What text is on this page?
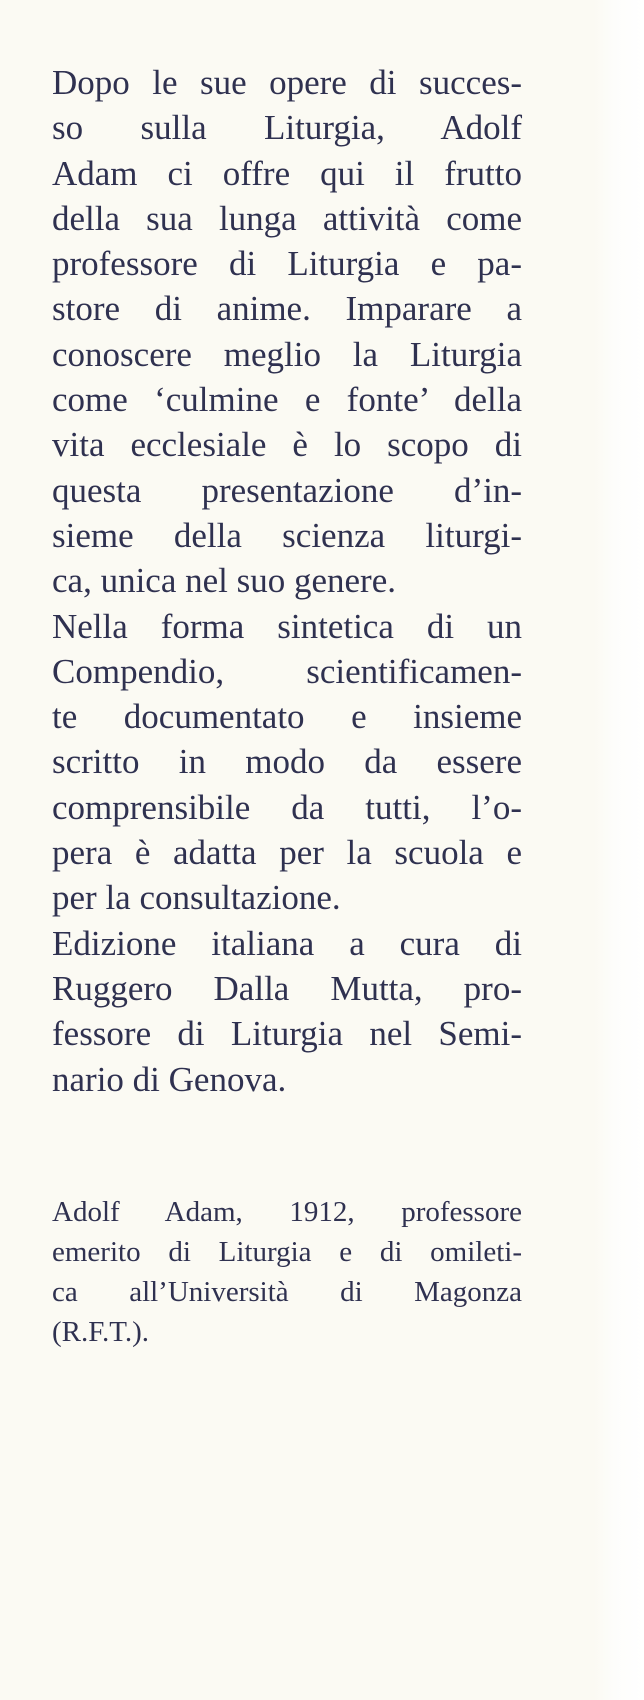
Dopo le sue opere di succes-
so sulla Liturgia, Adolf
Adam ci offre qui il frutto
della sua lunga attività come
professore di Liturgia e pa-
store di anime. Imparare a
conoscere meglio la Liturgia
come ‘culmine e fonte’ della
vita ecclesiale è lo scopo di
questa presentazione d’in-
sieme della scienza liturgi-
ca, unica nel suo genere.
Nella forma sintetica di un
Compendio, scientificamen-
te documentato e insieme
scritto in modo da essere
comprensibile da tutti, l’o-
pera è adatta per la scuola e
per la consultazione.
Edizione italiana a cura di
Ruggero Dalla Mutta, pro-
fessore di Liturgia nel Semi-
nario di Genova.
Adolf Adam, 1912, professore
emerito di Liturgia e di omileti-
ca all’Università di Magonza
(R.F.T.).
